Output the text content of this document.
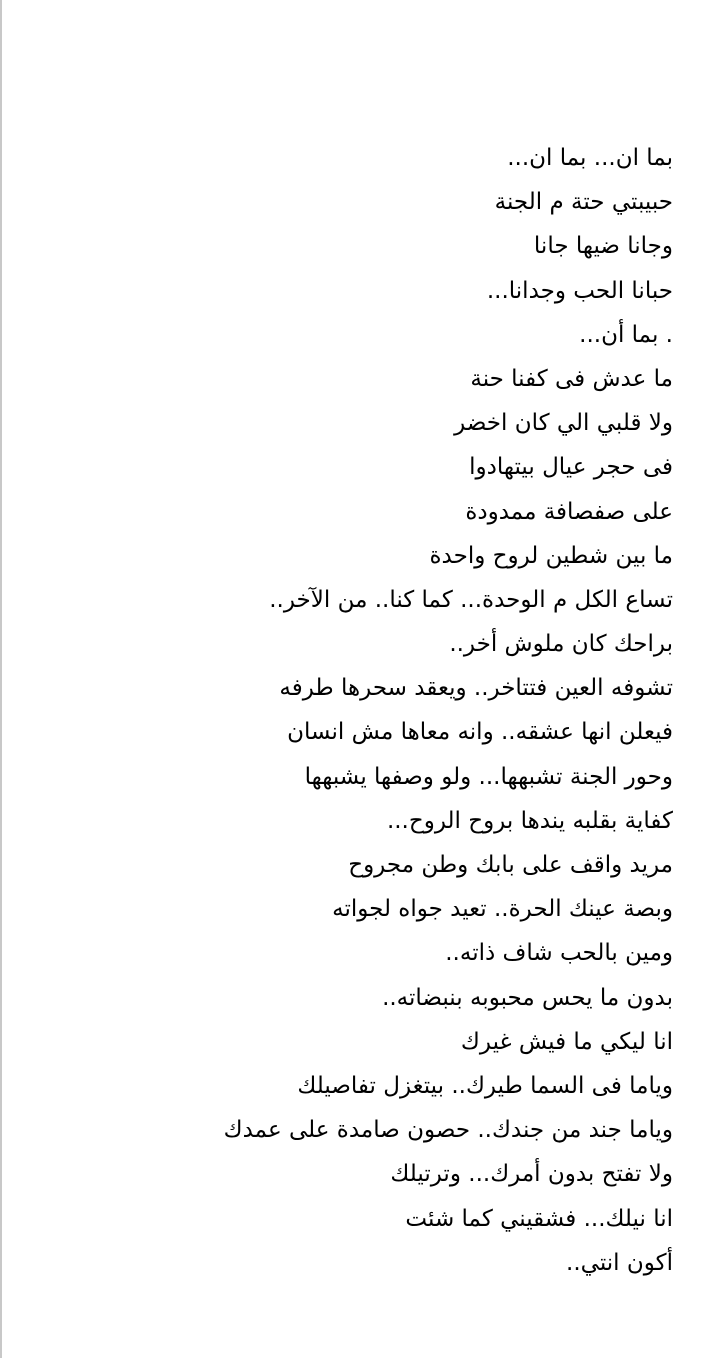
بما ان... بما ان...
حبيبتي حتة م الجنة
وجانا ضيها جانا
حبانا الحب وجدانا...
. بما أن...
ما عدش فى كفنا حنة
ولا قلبي الي كان اخضر
فى حجر عيال بيتهادوا
على صفصافة ممدودة
ما بين شطين لروح واحدة
تساع الكل م الوحدة... كما كنا.. من الآخر..
براحك كان ملوش أخر..
تشوفه العين فتتاخر.. ويعقد سحرها طرفه
فيعلن انها عشقه.. وانه معاها مش انسان
وحور الجنة تشبهها... ولو وصفها يشبهها
كفاية بقلبه يندها بروح الروح...
مريد واقف على بابك وطن مجروح
وبصة عينك الحرة.. تعيد جواه لجواته
ومين بالحب شاف ذاته..
بدون ما يحس محبوبه بنبضاته..
انا ليكي ما فيش غيرك
وياما فى السما طيرك.. بيتغزل تفاصيلك
وياما جند من جندك.. حصون صامدة على عمدك
ولا تفتح بدون أمرك... وترتيلك
انا نيلك... فشقيني كما شئت
أكون انتي..
